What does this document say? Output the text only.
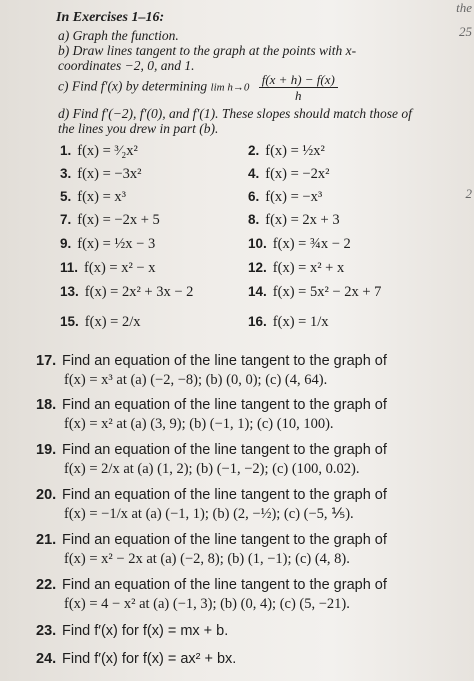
the
25
2
In Exercises 1–16:
a) Graph the function.
b) Draw lines tangent to the graph at the points with x-coordinates −2, 0, and 1.
c) Find f′(x) by determining $\lim h\to 0 \frac{f(x + h) - f(x)}{h}$
d) Find f′(−2), f′(0), and f′(1). These slopes should match those of the lines you drew in part (b).
1. f(x) = ³⁄₂x²	2. f(x) = ½x²
3. f(x) = −3x²	4. f(x) = −2x²
5. f(x) = x³	6. f(x) = −x³
7. f(x) = −2x + 5	8. f(x) = 2x + 3
9. f(x) = ½x − 3	10. f(x) = ¾x − 2
11. f(x) = x² − x	12. f(x) = x² + x
13. f(x) = 2x² + 3x − 2	14. f(x) = 5x² − 2x + 7
15. f(x) = 2/x	16. f(x) = 1/x
17. Find an equation of the line tangent to the graph of
f(x) = x³ at (a) (−2, −8); (b) (0, 0); (c) (4, 64).
18. Find an equation of the line tangent to the graph of
f(x) = x² at (a) (3, 9); (b) (−1, 1); (c) (10, 100).
19. Find an equation of the line tangent to the graph of
f(x) = 2/x at (a) (1, 2); (b) (−1, −2); (c) (100, 0.02).
20. Find an equation of the line tangent to the graph of
f(x) = −1/x at (a) (−1, 1); (b) (2, −½); (c) (−5, ⅕).
21. Find an equation of the line tangent to the graph of
f(x) = x² − 2x at (a) (−2, 8); (b) (1, −1); (c) (4, 8).
22. Find an equation of the line tangent to the graph of
f(x) = 4 − x² at (a) (−1, 3); (b) (0, 4); (c) (5, −21).
23. Find f′(x) for f(x) = mx + b.
24. Find f′(x) for f(x) = ax² + bx.
